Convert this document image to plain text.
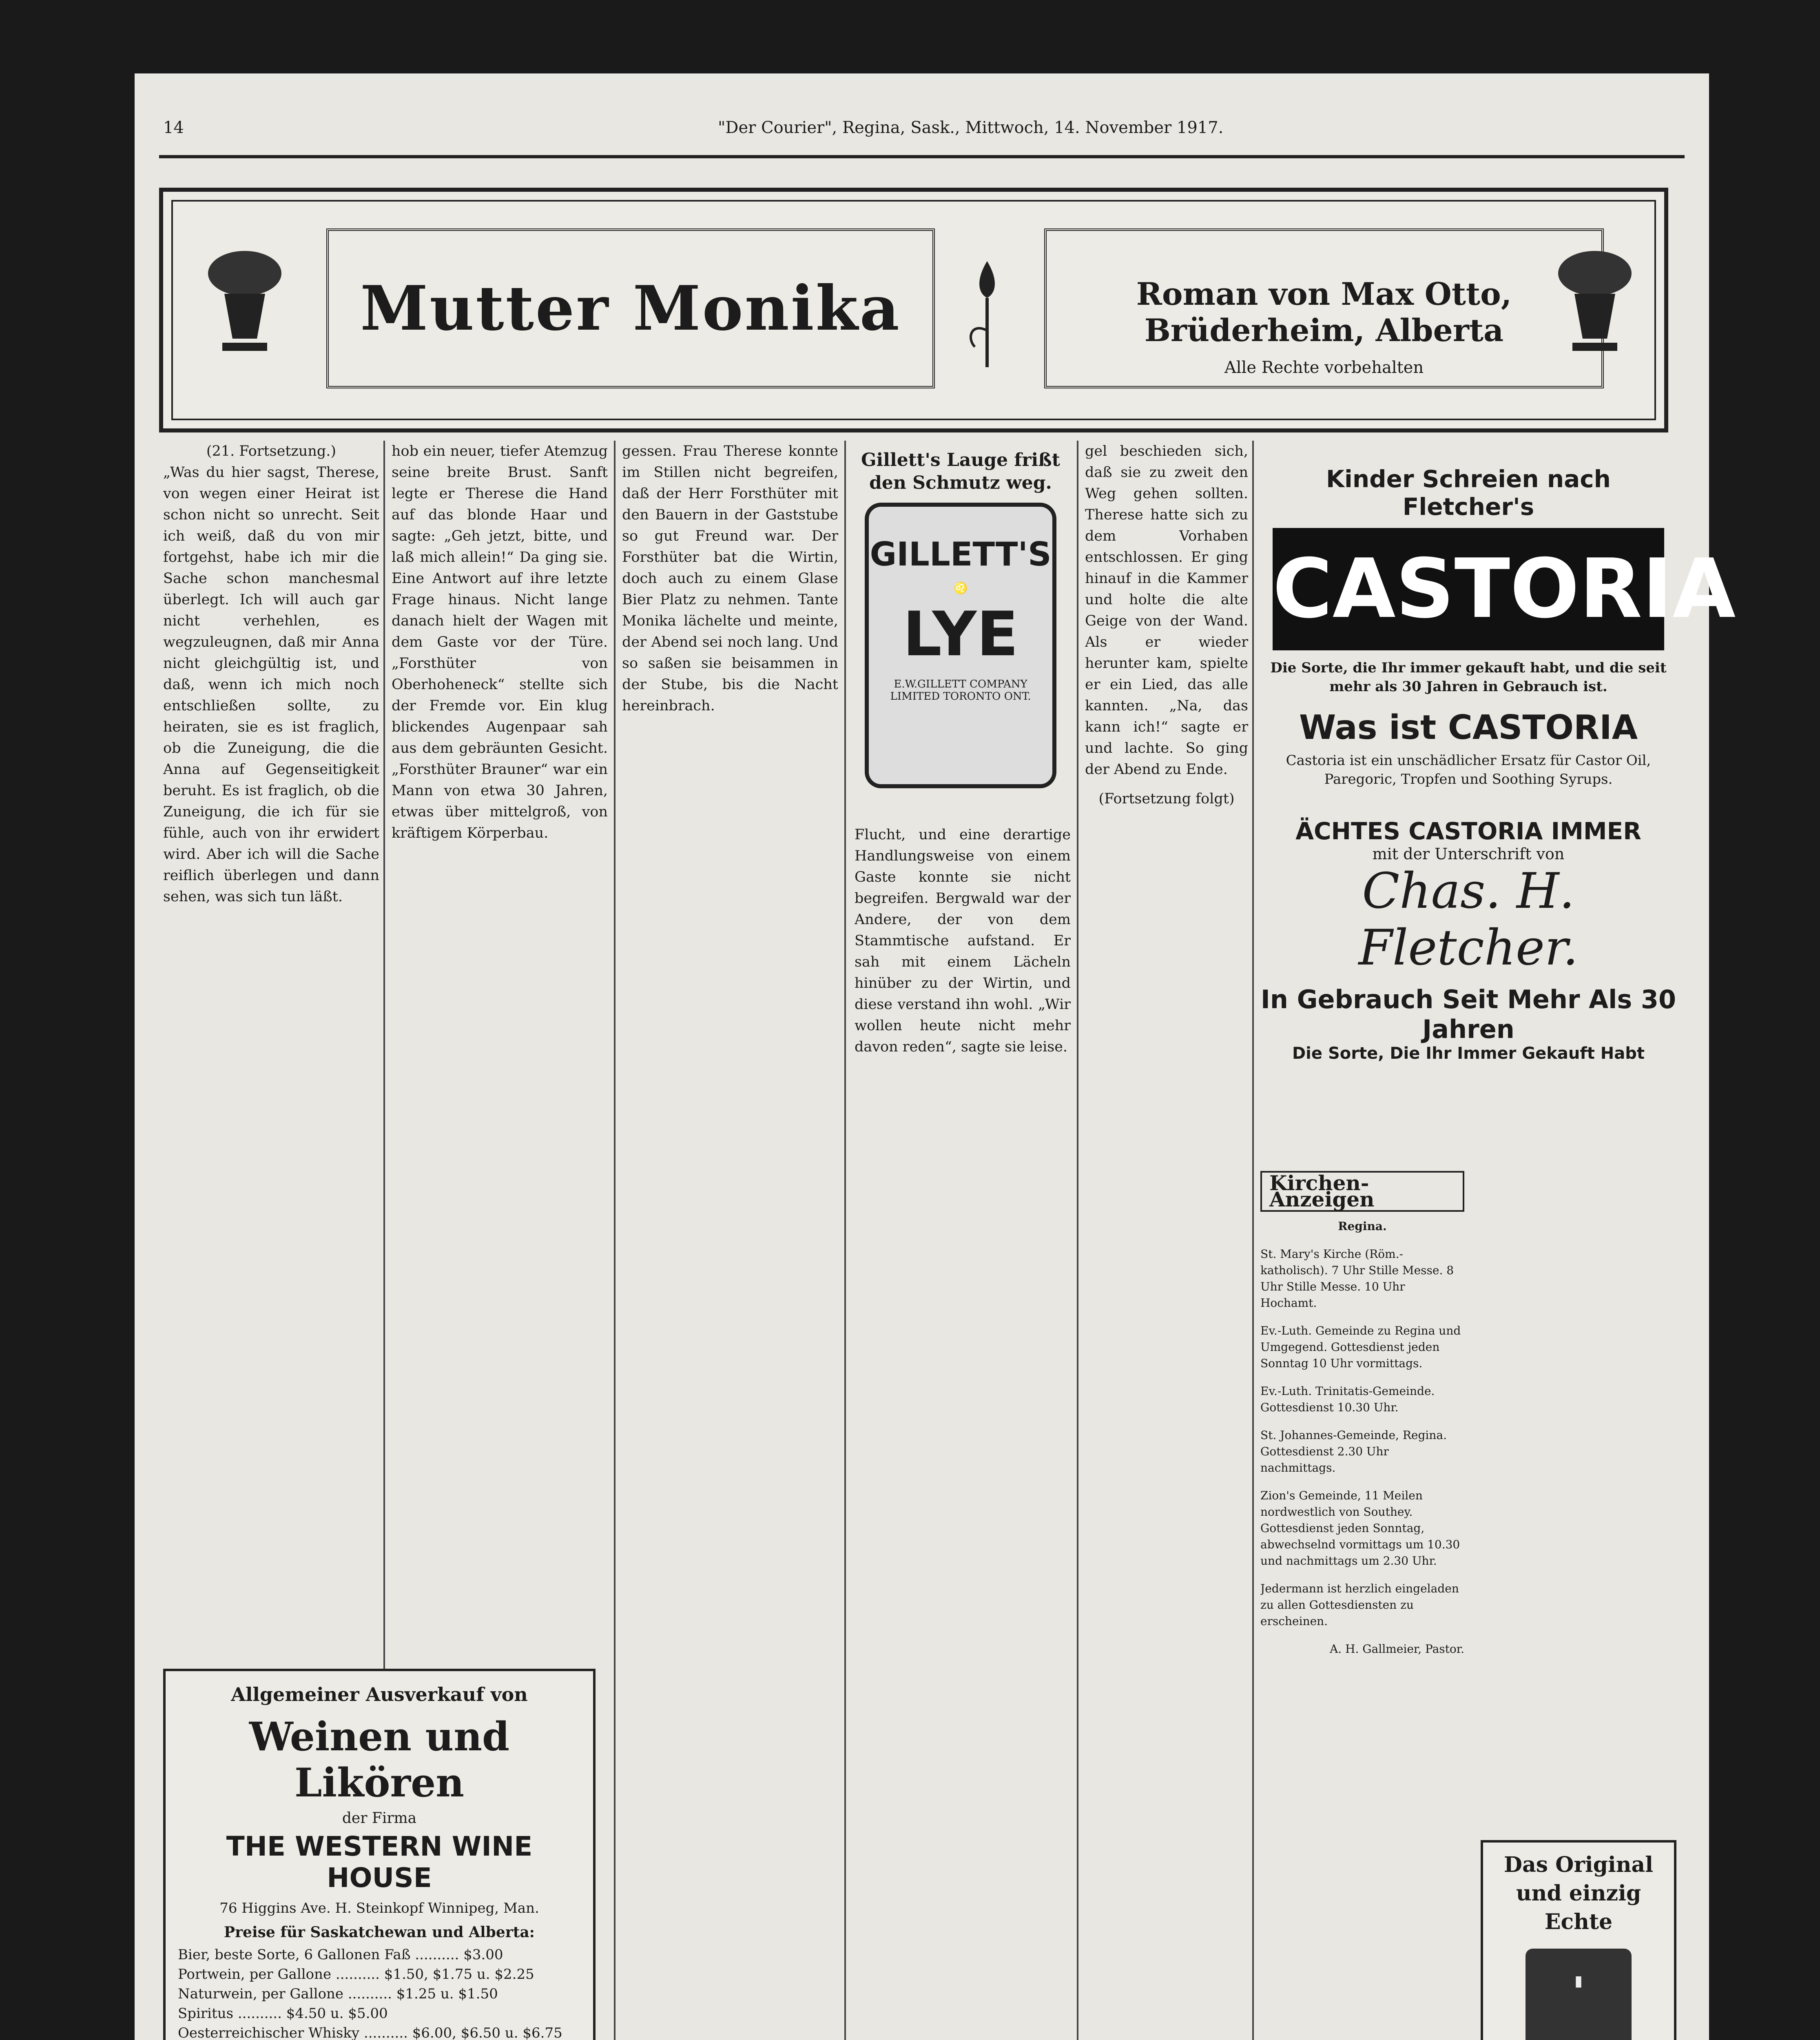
14	"Der Courier", Regina, Sask., Mittwoch, 14. November 1917.
Mutter Monika	Roman von Max Otto, Brüderheim, Alberta
Alle Rechte vorbehalten

(21. Fortsetzung.)

„Was du hier sagst, Therese, von wegen einer Heirat ist schon nicht so unrecht. Seit ich weiß, daß du von mir fortgehst, habe ich mir die Sache schon manchesmal überlegt. Ich will auch gar nicht verhehlen, es wegzuleugnen, daß mir Anna nicht gleichgültig ist, und daß, wenn ich mich noch entschließen sollte, zu heiraten, sie es ist fraglich, ob die Zuneigung, die die Anna auf Gegenseitigkeit beruht. Es ist fraglich, ob die Zuneigung, die ich für sie fühle, auch von ihr erwidert wird. Aber ich will die Sache reiflich überlegen und dann sehen, was sich tun läßt.

Allgemeiner Ausverkauf von
Weinen und Likören
der Firma
THE WESTERN WINE HOUSE
76 Higgins Ave. H. Steinkopf Winnipeg, Man.
Preise für Saskatchewan und Alberta:
Bier, beste Sorte, 6 Gallonen Faß .......... $3.00
Portwein, per Gallone .......... $1.50, $1.75 u. $2.25
Naturwein, per Gallone .......... $1.25 u. $1.50
Spiritus .......... $4.50 u. $5.00
Oesterreichischer Whisky .......... $6.00, $6.50 u. $6.75

hob ein neuer, tiefer Atemzug seine breite Brust. Sanft legte er Therese die Hand auf das blonde Haar und sagte: „Geh jetzt, bitte, und laß mich allein!“ Da ging sie. Eine Antwort auf ihre letzte Frage hinaus. Nicht lange danach hielt der Wagen mit dem Gaste vor der Türe. „Forsthüter von Oberhoheneck“ stellte sich der Fremde vor. Ein klug blickendes Augenpaar sah aus dem gebräunten Gesicht. „Forsthüter Brauner“ war ein Mann von etwa 30 Jahren, etwas über mittelgroß, von kräftigem Körperbau.

gessen. Frau Therese konnte im Stillen nicht begreifen, daß der Herr Forsthüter mit den Bauern in der Gaststube so gut Freund war. Der Forsthüter bat die Wirtin, doch auch zu einem Glase Bier Platz zu nehmen. Tante Monika lächelte und meinte, der Abend sei noch lang. Und so saßen sie beisammen in der Stube, bis die Nacht hereinbrach.

Gillett's Lauge frißt den Schmutz weg.
GILLETT'S
♌
LYE
E.W.GILLETT COMPANY LIMITED TORONTO ONT.

Flucht, und eine derartige Handlungsweise von einem Gaste konnte sie nicht begreifen. Bergwald war der Andere, der von dem Stammtische aufstand. Er sah mit einem Lächeln hinüber zu der Wirtin, und diese verstand ihn wohl. „Wir wollen heute nicht mehr davon reden“, sagte sie leise.

gel beschieden sich, daß sie zu zweit den Weg gehen sollten. Therese hatte sich zu dem Vorhaben entschlossen. Er ging hinauf in die Kammer und holte die alte Geige von der Wand. Als er wieder herunter kam, spielte er ein Lied, das alle kannten. „Na, das kann ich!“ sagte er und lachte. So ging der Abend zu Ende.

(Fortsetzung folgt)

Kinder Schreien nach Fletcher's
CASTORIA
Die Sorte, die Ihr immer gekauft habt, und die seit mehr als 30 Jahren in Gebrauch ist.
Was ist CASTORIA
Castoria ist ein unschädlicher Ersatz für Castor Oil, Paregoric, Tropfen und Soothing Syrups.
ÄCHTES CASTORIA IMMER
mit der Unterschrift von
Chas. H. Fletcher.
In Gebrauch Seit Mehr Als 30 Jahren
Die Sorte, Die Ihr Immer Gekauft Habt
Kirchen-Anzeigen
Regina.

St. Mary's Kirche (Röm.-katholisch). 7 Uhr Stille Messe. 8 Uhr Stille Messe. 10 Uhr Hochamt.

Ev.-Luth. Gemeinde zu Regina und Umgegend. Gottesdienst jeden Sonntag 10 Uhr vormittags.

Ev.-Luth. Trinitatis-Gemeinde. Gottesdienst 10.30 Uhr.

St. Johannes-Gemeinde, Regina. Gottesdienst 2.30 Uhr nachmittags.

Zion's Gemeinde, 11 Meilen nordwestlich von Southey. Gottesdienst jeden Sonntag, abwechselnd vormittags um 10.30 und nachmittags um 2.30 Uhr.

Jedermann ist herzlich eingeladen zu allen Gottesdiensten zu erscheinen.

A. H. Gallmeier, Pastor.

Das Original und einzig Echte
▮
